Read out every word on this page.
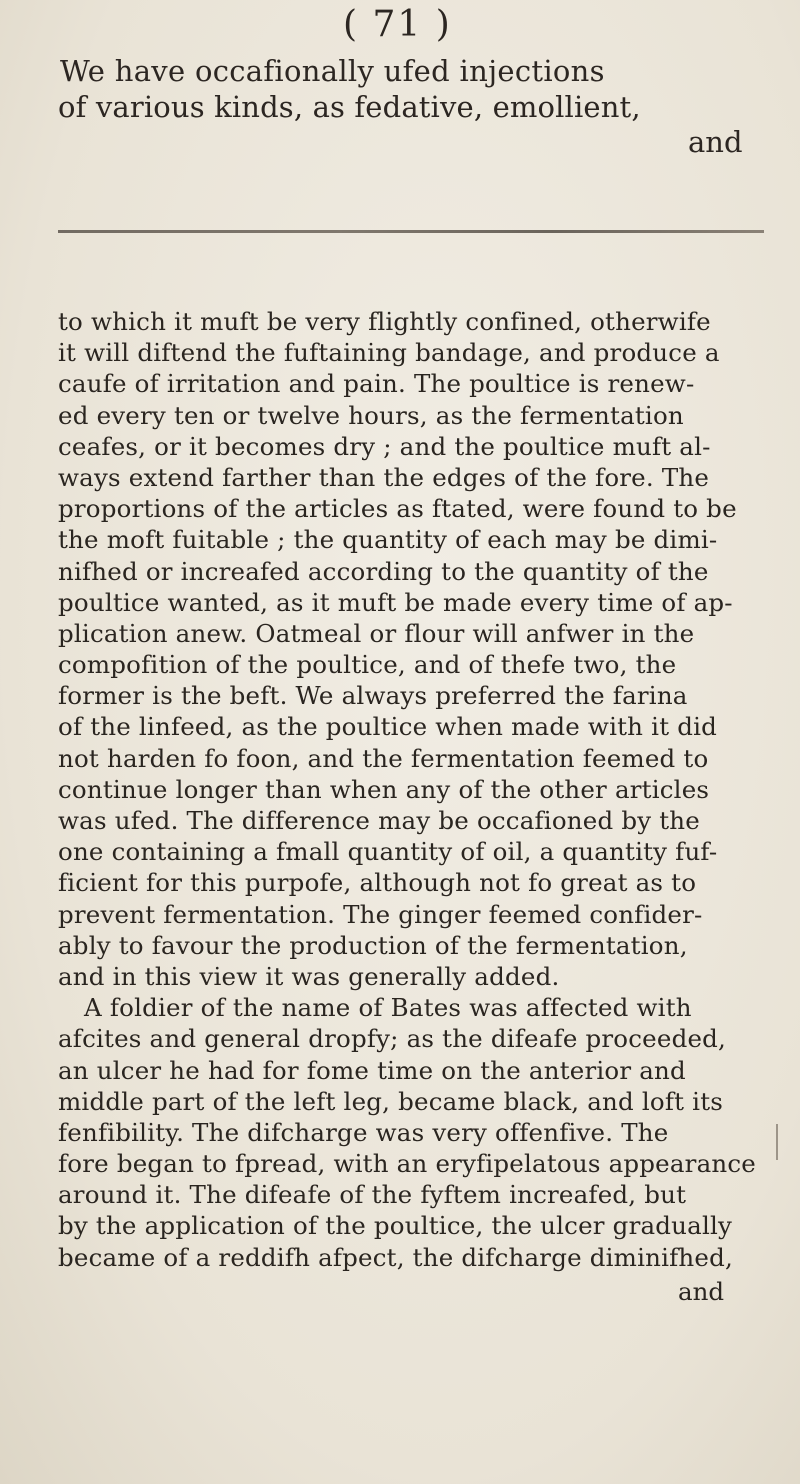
( 71 )
We have occafionally ufed injections
of various kinds, as fedative, emollient,
and
to which it muft be very flightly confined, otherwife
it will diftend the fuftaining bandage, and produce a
caufe of irritation and pain. The poultice is renew-
ed every ten or twelve hours, as the fermentation
ceafes, or it becomes dry ; and the poultice muft al-
ways extend farther than the edges of the fore. The
proportions of the articles as ftated, were found to be
the moft fuitable ; the quantity of each may be dimi-
nifhed or increafed according to the quantity of the
poultice wanted, as it muft be made every time of ap-
plication anew. Oatmeal or flour will anfwer in the
compofition of the poultice, and of thefe two, the
former is the beft. We always preferred the farina
of the linfeed, as the poultice when made with it did
not harden fo foon, and the fermentation feemed to
continue longer than when any of the other articles
was ufed. The difference may be occafioned by the
one containing a fmall quantity of oil, a quantity fuf-
ficient for this purpofe, although not fo great as to
prevent fermentation. The ginger feemed confider-
ably to favour the production of the fermentation,
and in this view it was generally added.
A foldier of the name of Bates was affected with
afcites and general dropfy; as the difeafe proceeded,
an ulcer he had for fome time on the anterior and
middle part of the left leg, became black, and loft its
fenfibility. The difcharge was very offenfive. The
fore began to fpread, with an eryfipelatous appearance
around it. The difeafe of the fyftem increafed, but
by the application of the poultice, the ulcer gradually
became of a reddifh afpect, the difcharge diminifhed,
and
